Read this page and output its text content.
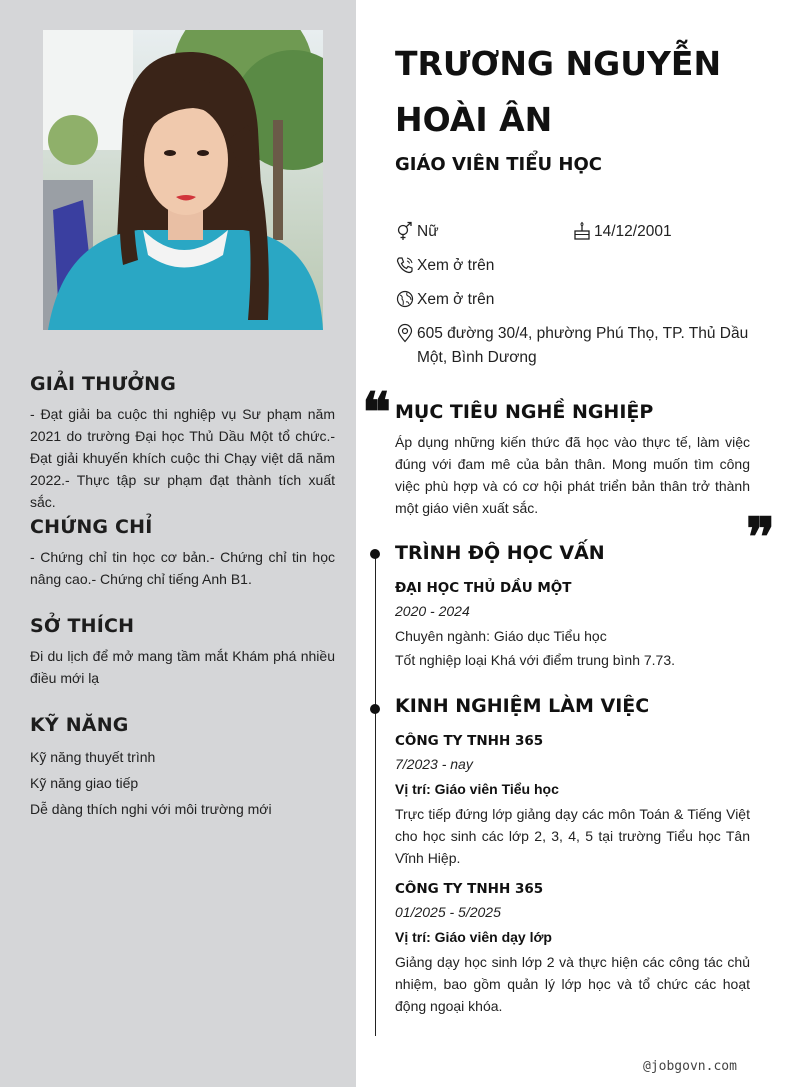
GIẢI THƯỞNG

- Đạt giải ba cuộc thi nghiệp vụ Sư phạm năm 2021 do trường Đại học Thủ Dầu Một tổ chức.- Đạt giải khuyến khích cuộc thi Chạy việt dã năm 2022.- Thực tập sư phạm đạt thành tích xuất sắc.

CHỨNG CHỈ

- Chứng chỉ tin học cơ bản.- Chứng chỉ tin học nâng cao.- Chứng chỉ tiếng Anh B1.

SỞ THÍCH

Đi du lịch để mở mang tầm mắt Khám phá nhiều điều mới lạ

KỸ NĂNG
Kỹ năng thuyết trình
Kỹ năng giao tiếp
Dễ dàng thích nghi với môi trường mới
TRƯƠNG NGUYỄN HOÀI ÂN
GIÁO VIÊN TIỂU HỌC
Nữ	14/12/2001
Xem ở trên
Xem ở trên
605 đường 30/4, phường Phú Thọ, TP. Thủ Dầu Một, Bình Dương
❝ MỤC TIÊU NGHỀ NGHIỆP
Áp dụng những kiến thức đã học vào thực tế, làm việc đúng với đam mê của bản thân. Mong muốn tìm công việc phù hợp và có cơ hội phát triển bản thân trở thành một giáo viên xuất sắc.	❞
TRÌNH ĐỘ HỌC VẤN
ĐẠI HỌC THỦ DẦU MỘT
2020 - 2024
Chuyên ngành: Giáo dục Tiểu học
Tốt nghiệp loại Khá với điểm trung bình 7.73.
KINH NGHIỆM LÀM VIỆC
CÔNG TY TNHH 365
7/2023 - nay
Vị trí: Giáo viên Tiểu học
Trực tiếp đứng lớp giảng dạy các môn Toán & Tiếng Việt cho học sinh các lớp 2, 3, 4, 5 tại trường Tiểu học Tân Vĩnh Hiệp.
CÔNG TY TNHH 365
01/2025 - 5/2025
Vị trí: Giáo viên dạy lớp
Giảng dạy học sinh lớp 2 và thực hiện các công tác chủ nhiệm, bao gồm quản lý lớp học và tổ chức các hoạt động ngoại khóa.
@jobgovn.com
